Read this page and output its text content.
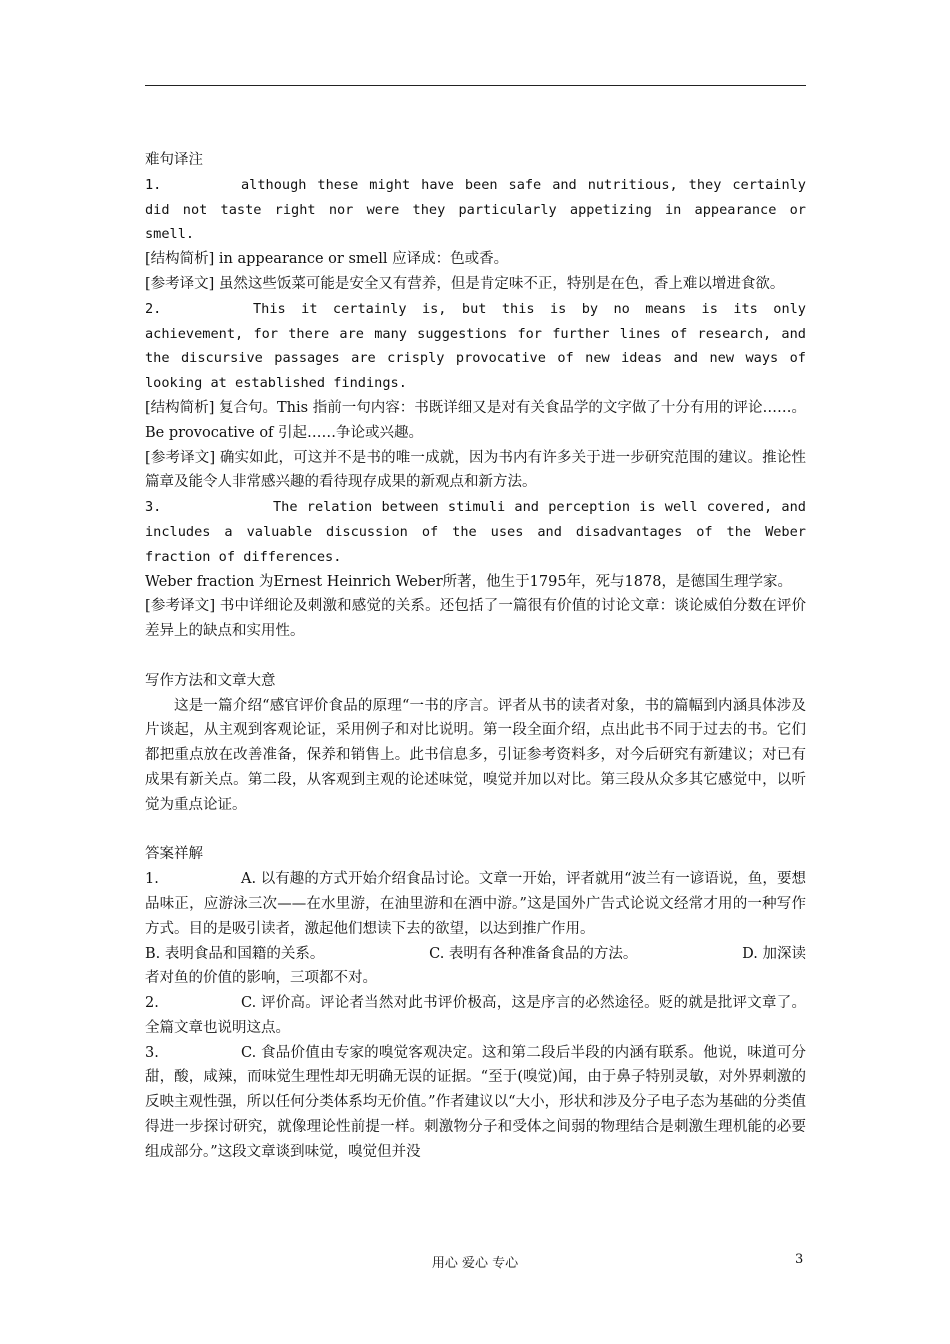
难句译注

1.	although these might have been safe and nutritious, they certainly did not taste right nor were they particularly appetizing in appearance or smell.

[结构简析] in appearance or smell 应译成：色或香。

[参考译文] 虽然这些饭菜可能是安全又有营养，但是肯定味不正，特别是在色，香上难以增进食欲。

2.	This it certainly is, but this is by no means is its only achievement, for there are many suggestions for further lines of research, and the discursive passages are crisply provocative of new ideas and new ways of looking at established findings.

[结构简析] 复合句。This 指前一句内容：书既详细又是对有关食品学的文字做了十分有用的评论……。 Be provocative of 引起……争论或兴趣。

[参考译文] 确实如此，可这并不是书的唯一成就，因为书内有许多关于进一步研究范围的建议。推论性篇章及能令人非常感兴趣的看待现存成果的新观点和新方法。

3.	The relation between stimuli and perception is well covered, and includes a valuable discussion of the uses and disadvantages of the Weber fraction of differences.

Weber fraction 为Ernest Heinrich Weber所著，他生于1795年，死与1878，是德国生理学家。

[参考译文] 书中详细论及刺激和感觉的关系。还包括了一篇很有价值的讨论文章：谈论威伯分数在评价差异上的缺点和实用性。

写作方法和文章大意

这是一篇介绍“感官评价食品的原理“一书的序言。评者从书的读者对象，书的篇幅到内涵具体涉及片谈起，从主观到客观论证，采用例子和对比说明。第一段全面介绍，点出此书不同于过去的书。它们都把重点放在改善准备，保养和销售上。此书信息多，引证参考资料多，对今后研究有新建议；对已有成果有新关点。第二段，从客观到主观的论述味觉，嗅觉并加以对比。第三段从众多其它感觉中，以听觉为重点论证。

答案祥解

1.	A. 以有趣的方式开始介绍食品讨论。文章一开始，评者就用“波兰有一谚语说，鱼，要想品味正，应游泳三次——在水里游，在油里游和在酒中游。”这是国外广告式论说文经常才用的一种写作方式。目的是吸引读者，激起他们想读下去的欲望，以达到推广作用。

B. 表明食品和国籍的关系。	C. 表明有各种准备食品的方法。	D. 加深读

者对鱼的价值的影响，三项都不对。

2.	C. 评价高。评论者当然对此书评价极高，这是序言的必然途径。贬的就是批评文章了。全篇文章也说明这点。

3.	C. 食品价值由专家的嗅觉客观决定。这和第二段后半段的内涵有联系。他说，味道可分甜，酸，咸辣，而味觉生理性却无明确无误的证据。“至于(嗅觉)闻，由于鼻子特别灵敏，对外界刺激的反映主观性强，所以任何分类体系均无价值。”作者建议以“大小，形状和涉及分子电子态为基础的分类值得进一步探讨研究，就像理论性前提一样。刺激物分子和受体之间弱的物理结合是刺激生理机能的必要组成部分。”这段文章谈到味觉，嗅觉但并没

用心 爱心 专心	3
